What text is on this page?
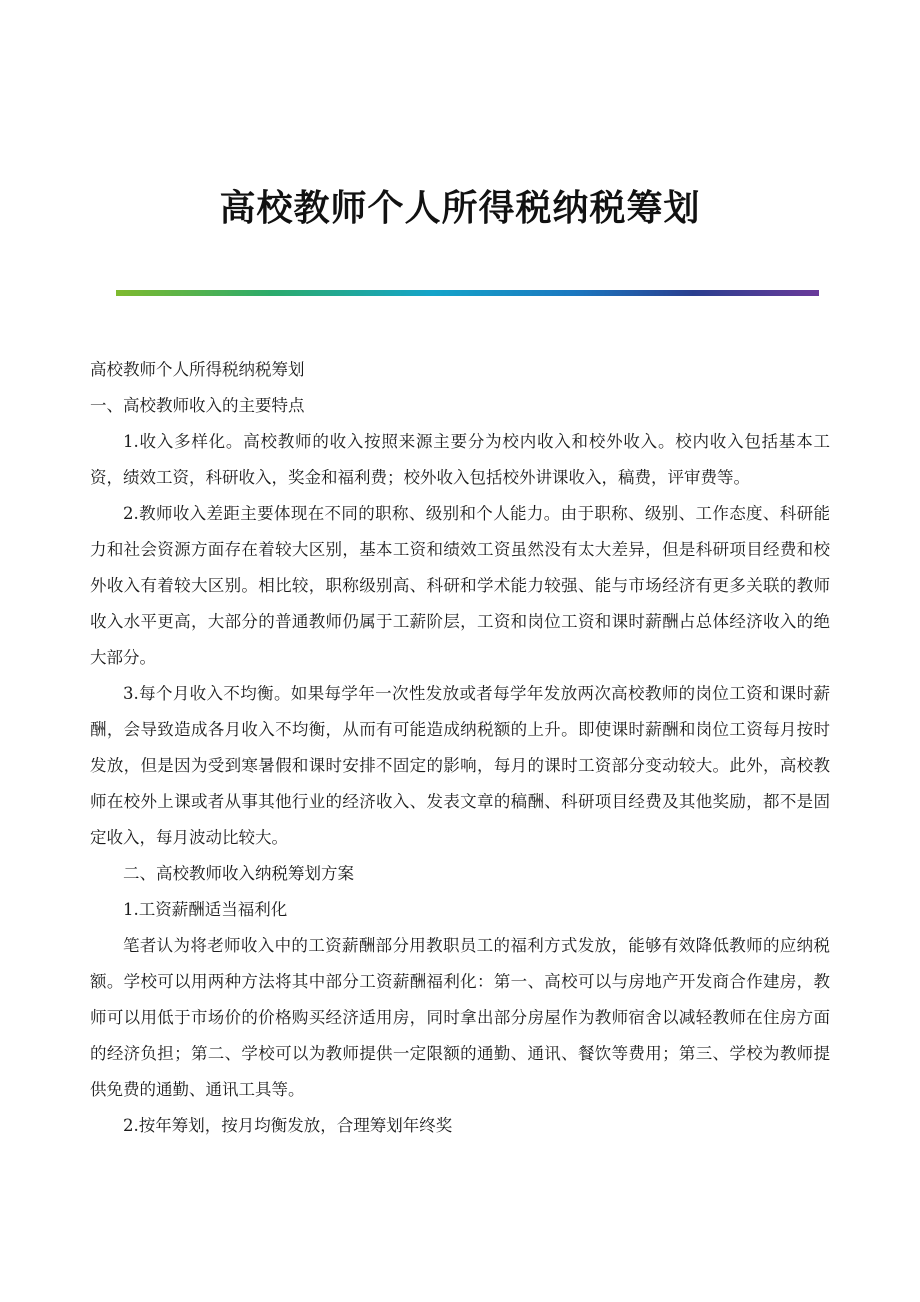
高校教师个人所得税纳税筹划

高校教师个人所得税纳税筹划

一、高校教师收入的主要特点

1.收入多样化。高校教师的收入按照来源主要分为校内收入和校外收入。校内收入包括基本工资，绩效工资，科研收入，奖金和福利费；校外收入包括校外讲课收入，稿费，评审费等。

2.教师收入差距主要体现在不同的职称、级别和个人能力。由于职称、级别、工作态度、科研能力和社会资源方面存在着较大区别，基本工资和绩效工资虽然没有太大差异，但是科研项目经费和校外收入有着较大区别。相比较，职称级别高、科研和学术能力较强、能与市场经济有更多关联的教师收入水平更高，大部分的普通教师仍属于工薪阶层，工资和岗位工资和课时薪酬占总体经济收入的绝大部分。

3.每个月收入不均衡。如果每学年一次性发放或者每学年发放两次高校教师的岗位工资和课时薪酬，会导致造成各月收入不均衡，从而有可能造成纳税额的上升。即使课时薪酬和岗位工资每月按时发放，但是因为受到寒暑假和课时安排不固定的影响，每月的课时工资部分变动较大。此外，高校教师在校外上课或者从事其他行业的经济收入、发表文章的稿酬、科研项目经费及其他奖励，都不是固定收入，每月波动比较大。

二、高校教师收入纳税筹划方案

1.工资薪酬适当福利化

笔者认为将老师收入中的工资薪酬部分用教职员工的福利方式发放，能够有效降低教师的应纳税额。学校可以用两种方法将其中部分工资薪酬福利化：第一、高校可以与房地产开发商合作建房，教师可以用低于市场价的价格购买经济适用房，同时拿出部分房屋作为教师宿舍以减轻教师在住房方面的经济负担；第二、学校可以为教师提供一定限额的通勤、通讯、餐饮等费用；第三、学校为教师提供免费的通勤、通讯工具等。

2.按年筹划，按月均衡发放，合理筹划年终奖
